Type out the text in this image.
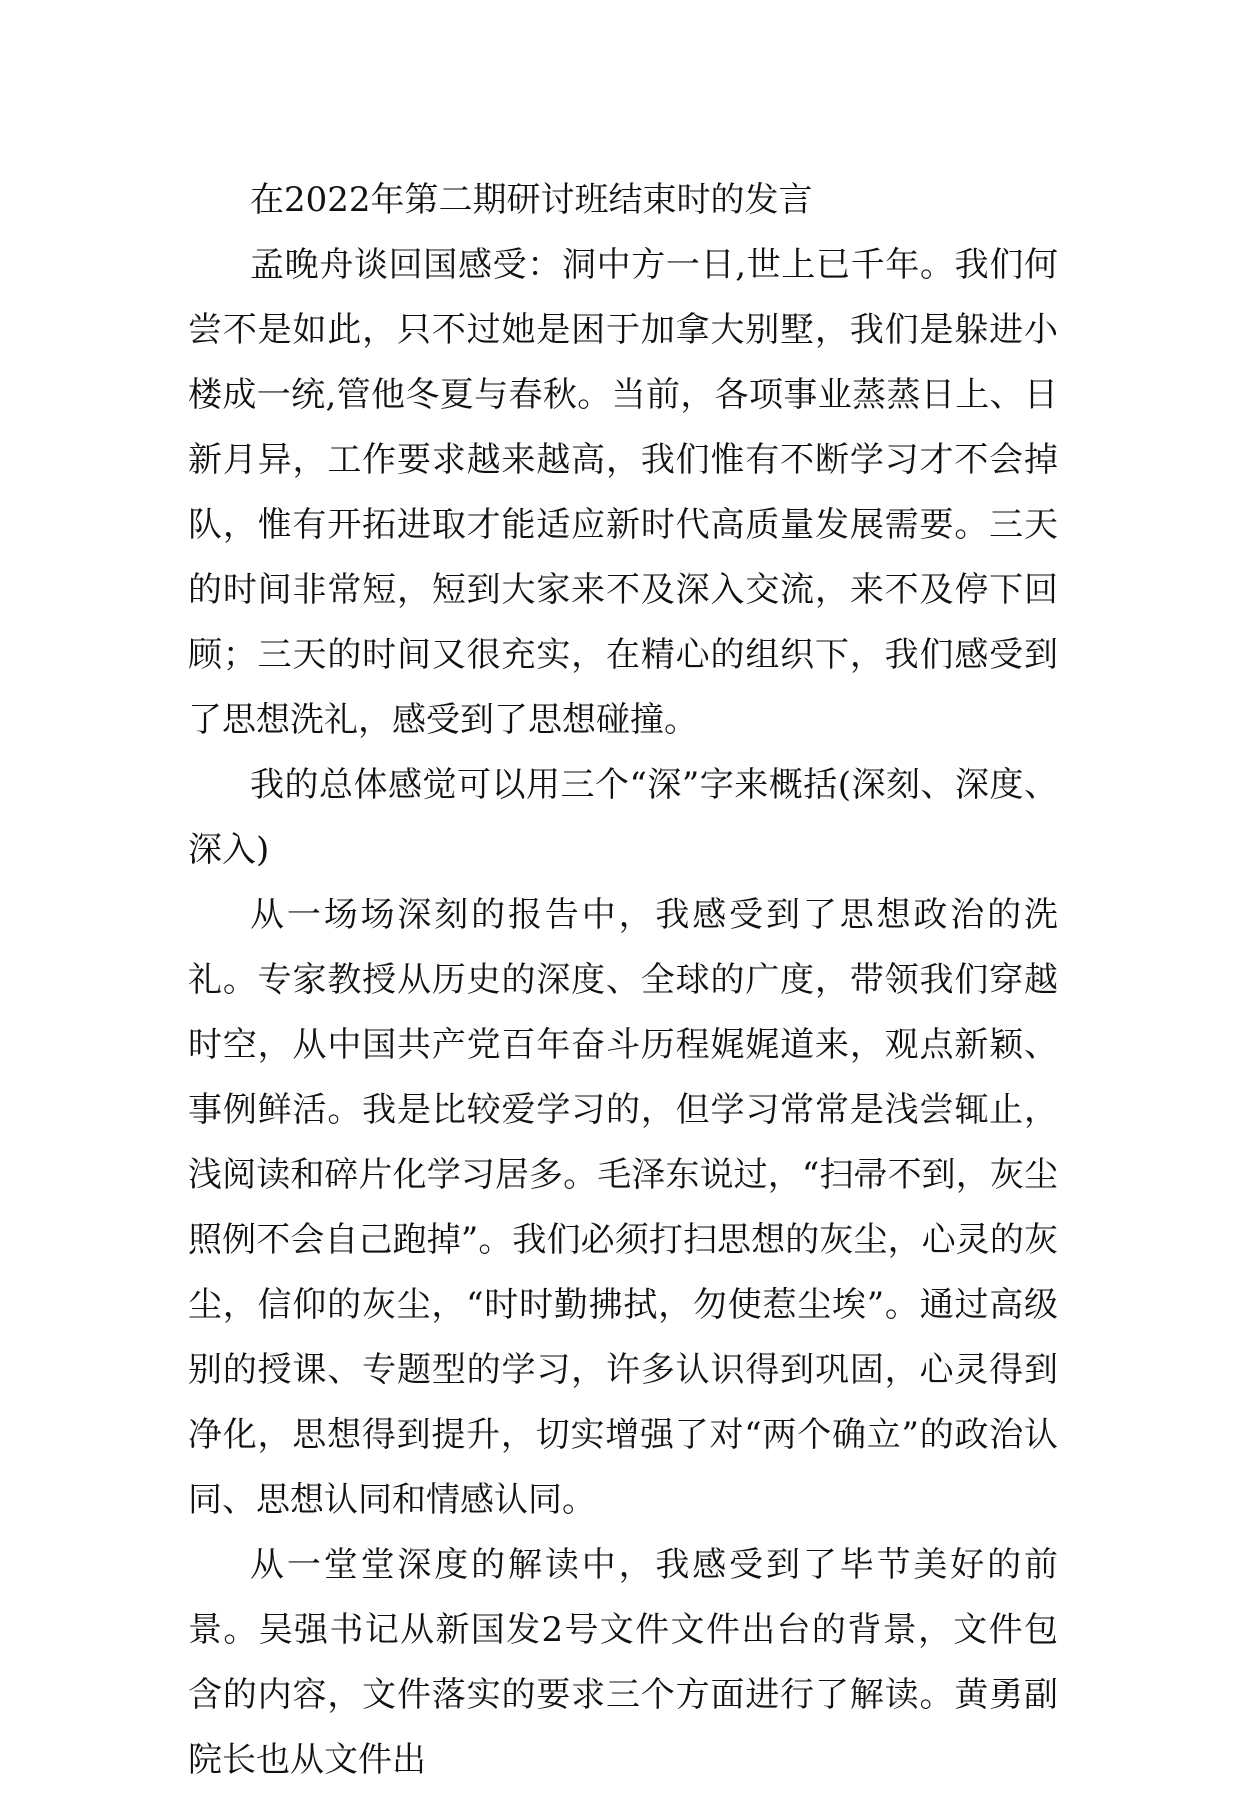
在2022年第二期研讨班结束时的发言

孟晚舟谈回国感受：洞中方一日,世上已千年。我们何尝不是如此，只不过她是困于加拿大别墅，我们是躲进小楼成一统,管他冬夏与春秋。当前，各项事业蒸蒸日上、日新月异，工作要求越来越高，我们惟有不断学习才不会掉队，惟有开拓进取才能适应新时代高质量发展需要。三天的时间非常短，短到大家来不及深入交流，来不及停下回顾；三天的时间又很充实，在精心的组织下，我们感受到了思想洗礼，感受到了思想碰撞。

我的总体感觉可以用三个“深”字来概括(深刻、深度、深入)

从一场场深刻的报告中，我感受到了思想政治的洗礼。专家教授从历史的深度、全球的广度，带领我们穿越时空，从中国共产党百年奋斗历程娓娓道来，观点新颖、事例鲜活。我是比较爱学习的，但学习常常是浅尝辄止，浅阅读和碎片化学习居多。毛泽东说过，“扫帚不到，灰尘照例不会自己跑掉”。我们必须打扫思想的灰尘，心灵的灰尘，信仰的灰尘，“时时勤拂拭，勿使惹尘埃”。通过高级别的授课、专题型的学习，许多认识得到巩固，心灵得到净化，思想得到提升，切实增强了对“两个确立”的政治认同、思想认同和情感认同。

从一堂堂深度的解读中，我感受到了毕节美好的前景。吴强书记从新国发2号文件文件出台的背景，文件包含的内容，文件落实的要求三个方面进行了解读。黄勇副院长也从文件出
